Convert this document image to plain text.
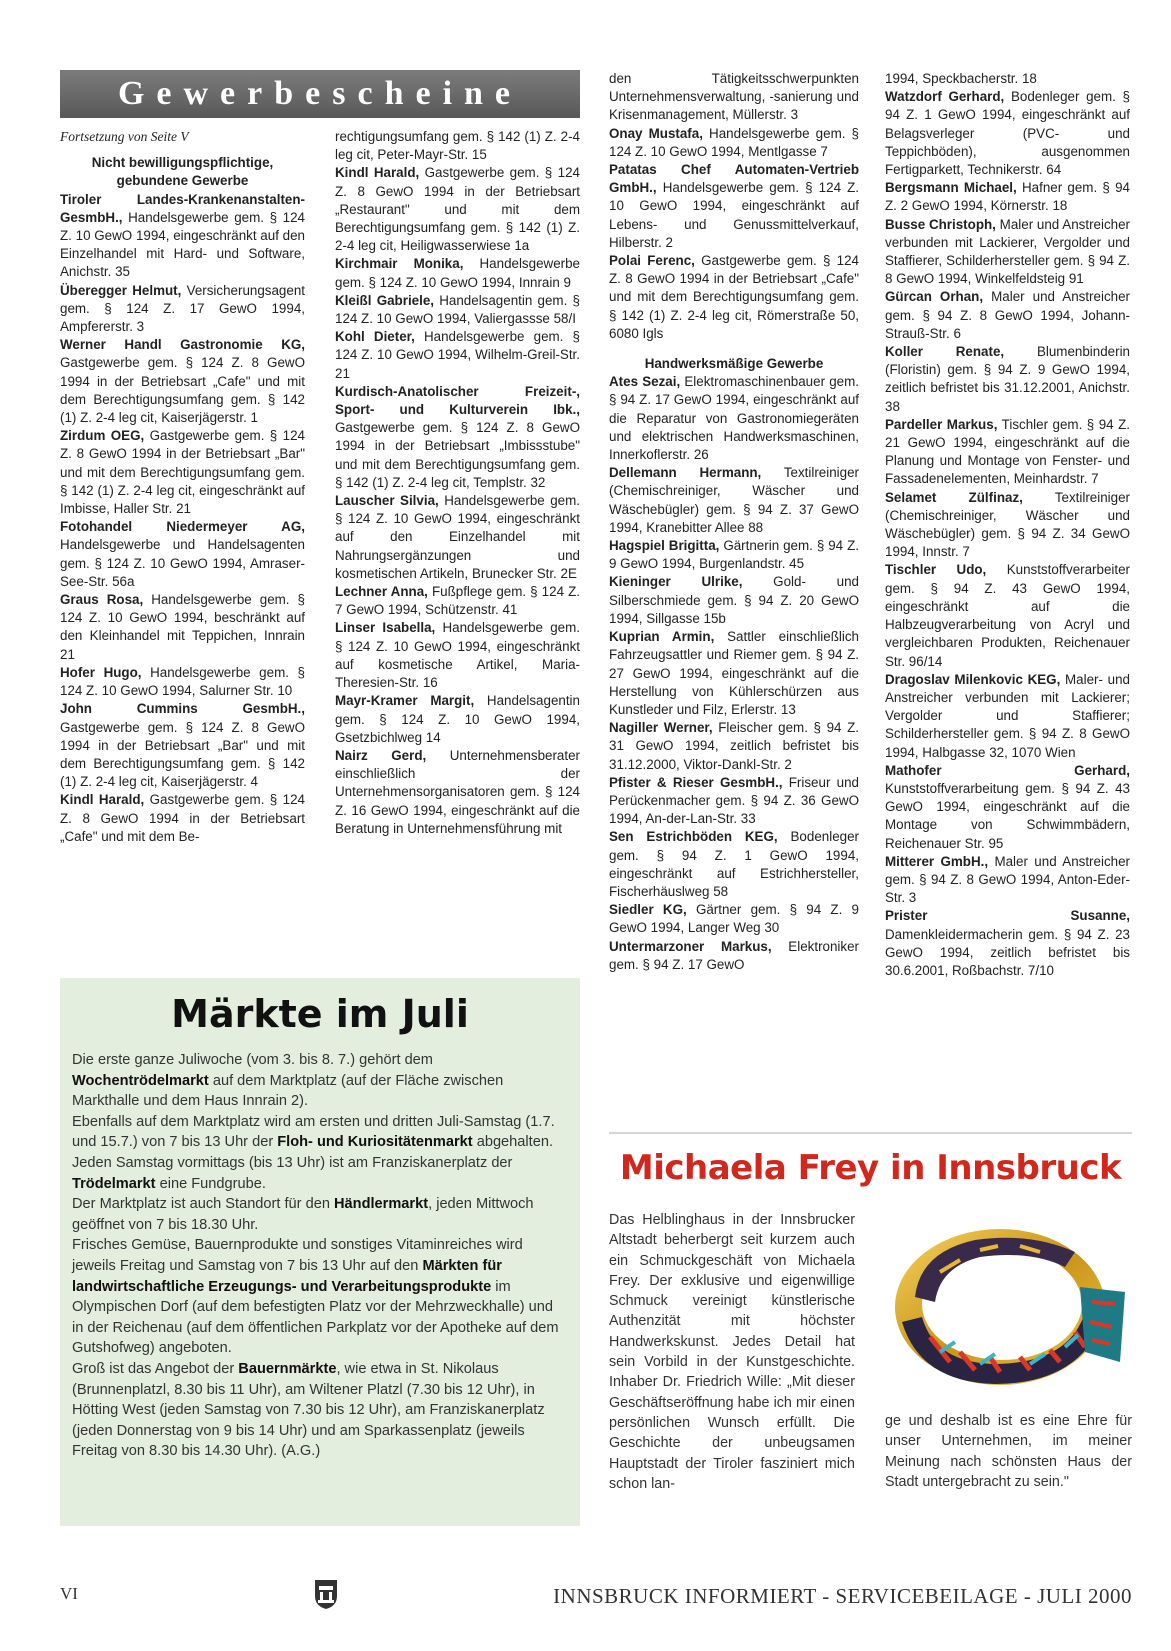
Gewerbescheine

Fortsetzung von Seite V

Nicht bewilligungspflichtige, gebundene Gewerbe

Tiroler Landes-Krankenanstalten-GesmbH., Handelsgewerbe gem. § 124 Z. 10 GewO 1994, eingeschränkt auf den Einzelhandel mit Hard- und Software, Anichstr. 35

Überegger Helmut, Versicherungsagent gem. § 124 Z. 17 GewO 1994, Ampfererstr. 3

Werner Handl Gastronomie KG, Gastgewerbe gem. § 124 Z. 8 GewO 1994 in der Betriebsart „Cafe" und mit dem Berechtigungsumfang gem. § 142 (1) Z. 2-4 leg cit, Kaiserjägerstr. 1

Zirdum OEG, Gastgewerbe gem. § 124 Z. 8 GewO 1994 in der Betriebsart „Bar" und mit dem Berechtigungsumfang gem. § 142 (1) Z. 2-4 leg cit, eingeschränkt auf Imbisse, Haller Str. 21

Fotohandel Niedermeyer AG, Handelsgewerbe und Handelsagenten gem. § 124 Z. 10 GewO 1994, Amraser-See-Str. 56a

Graus Rosa, Handelsgewerbe gem. § 124 Z. 10 GewO 1994, beschränkt auf den Kleinhandel mit Teppichen, Innrain 21

Hofer Hugo, Handelsgewerbe gem. § 124 Z. 10 GewO 1994, Salurner Str. 10

John Cummins GesmbH., Gastgewerbe gem. § 124 Z. 8 GewO 1994 in der Betriebsart „Bar" und mit dem Berechtigungsumfang gem. § 142 (1) Z. 2-4 leg cit, Kaiserjägerstr. 4

Kindl Harald, Gastgewerbe gem. § 124 Z. 8 GewO 1994 in der Betriebsart „Cafe" und mit dem Be-

rechtigungsumfang gem. § 142 (1) Z. 2-4 leg cit, Peter-Mayr-Str. 15

Kindl Harald, Gastgewerbe gem. § 124 Z. 8 GewO 1994 in der Betriebsart „Restaurant" und mit dem Berechtigungsumfang gem. § 142 (1) Z. 2-4 leg cit, Heiligwasserwiese 1a

Kirchmair Monika, Handelsgewerbe gem. § 124 Z. 10 GewO 1994, Innrain 9

Kleißl Gabriele, Handelsagentin gem. § 124 Z. 10 GewO 1994, Valiergassse 58/I

Kohl Dieter, Handelsgewerbe gem. § 124 Z. 10 GewO 1994, Wilhelm-Greil-Str. 21

Kurdisch-Anatolischer Freizeit-, Sport- und Kulturverein Ibk., Gastgewerbe gem. § 124 Z. 8 GewO 1994 in der Betriebsart „Imbissstube" und mit dem Berechtigungsumfang gem. § 142 (1) Z. 2-4 leg cit, Templstr. 32

Lauscher Silvia, Handelsgewerbe gem. § 124 Z. 10 GewO 1994, eingeschränkt auf den Einzelhandel mit Nahrungsergänzungen und kosmetischen Artikeln, Brunecker Str. 2E

Lechner Anna, Fußpflege gem. § 124 Z. 7 GewO 1994, Schützenstr. 41

Linser Isabella, Handelsgewerbe gem. § 124 Z. 10 GewO 1994, eingeschränkt auf kosmetische Artikel, Maria-Theresien-Str. 16

Mayr-Kramer Margit, Handelsagentin gem. § 124 Z. 10 GewO 1994, Gsetzbichlweg 14

Nairz Gerd, Unternehmensberater einschließlich der Unternehmensorganisatoren gem. § 124 Z. 16 GewO 1994, eingeschränkt auf die Beratung in Unternehmensführung mit

den Tätigkeitsschwerpunkten Unternehmensverwaltung, -sanierung und Krisenmanagement, Müllerstr. 3

Onay Mustafa, Handelsgewerbe gem. § 124 Z. 10 GewO 1994, Mentlgasse 7

Patatas Chef Automaten-Vertrieb GmbH., Handelsgewerbe gem. § 124 Z. 10 GewO 1994, eingeschränkt auf Lebens- und Genussmittelverkauf, Hilberstr. 2

Polai Ferenc, Gastgewerbe gem. § 124 Z. 8 GewO 1994 in der Betriebsart „Cafe" und mit dem Berechtigungsumfang gem. § 142 (1) Z. 2-4 leg cit, Römerstraße 50, 6080 Igls

Handwerksmäßige Gewerbe

Ates Sezai, Elektromaschinenbauer gem. § 94 Z. 17 GewO 1994, eingeschränkt auf die Reparatur von Gastronomiegeräten und elektrischen Handwerksmaschinen, Innerkoflerstr. 26

Dellemann Hermann, Textilreiniger (Chemischreiniger, Wäscher und Wäschebügler) gem. § 94 Z. 37 GewO 1994, Kranebitter Allee 88

Hagspiel Brigitta, Gärtnerin gem. § 94 Z. 9 GewO 1994, Burgenlandstr. 45

Kieninger Ulrike, Gold- und Silberschmiede gem. § 94 Z. 20 GewO 1994, Sillgasse 15b

Kuprian Armin, Sattler einschließlich Fahrzeugsattler und Riemer gem. § 94 Z. 27 GewO 1994, eingeschränkt auf die Herstellung von Kühlerschürzen aus Kunstleder und Filz, Erlerstr. 13

Nagiller Werner, Fleischer gem. § 94 Z. 31 GewO 1994, zeitlich befristet bis 31.12.2000, Viktor-Dankl-Str. 2

Pfister & Rieser GesmbH., Friseur und Perückenmacher gem. § 94 Z. 36 GewO 1994, An-der-Lan-Str. 33

Sen Estrichböden KEG, Bodenleger gem. § 94 Z. 1 GewO 1994, eingeschränkt auf Estrichhersteller, Fischerhäuslweg 58

Siedler KG, Gärtner gem. § 94 Z. 9 GewO 1994, Langer Weg 30

Untermarzoner Markus, Elektroniker gem. § 94 Z. 17 GewO

1994, Speckbacherstr. 18

Watzdorf Gerhard, Bodenleger gem. § 94 Z. 1 GewO 1994, eingeschränkt auf Belagsverleger (PVC- und Teppichböden), ausgenommen Fertigparkett, Technikerstr. 64

Bergsmann Michael, Hafner gem. § 94 Z. 2 GewO 1994, Körnerstr. 18

Busse Christoph, Maler und Anstreicher verbunden mit Lackierer, Vergolder und Staffierer, Schilderhersteller gem. § 94 Z. 8 GewO 1994, Winkelfeldsteig 91

Gürcan Orhan, Maler und Anstreicher gem. § 94 Z. 8 GewO 1994, Johann-Strauß-Str. 6

Koller Renate, Blumenbinderin (Floristin) gem. § 94 Z. 9 GewO 1994, zeitlich befristet bis 31.12.2001, Anichstr. 38

Pardeller Markus, Tischler gem. § 94 Z. 21 GewO 1994, eingeschränkt auf die Planung und Montage von Fenster- und Fassadenelementen, Meinhardstr. 7

Selamet Zülfinaz, Textilreiniger (Chemischreiniger, Wäscher und Wäschebügler) gem. § 94 Z. 34 GewO 1994, Innstr. 7

Tischler Udo, Kunststoffverarbeiter gem. § 94 Z. 43 GewO 1994, eingeschränkt auf die Halbzeugverarbeitung von Acryl und vergleichbaren Produkten, Reichenauer Str. 96/14

Dragoslav Milenkovic KEG, Maler- und Anstreicher verbunden mit Lackierer; Vergolder und Staffierer; Schilderhersteller gem. § 94 Z. 8 GewO 1994, Halbgasse 32, 1070 Wien

Mathofer Gerhard, Kunststoffverarbeitung gem. § 94 Z. 43 GewO 1994, eingeschränkt auf die Montage von Schwimmbädern, Reichenauer Str. 95

Mitterer GmbH., Maler und Anstreicher gem. § 94 Z. 8 GewO 1994, Anton-Eder-Str. 3

Prister Susanne, Damenkleidermacherin gem. § 94 Z. 23 GewO 1994, zeitlich befristet bis 30.6.2001, Roßbachstr. 7/10

Märkte im Juli

Die erste ganze Juliwoche (vom 3. bis 8. 7.) gehört dem Wochentrödelmarkt auf dem Marktplatz (auf der Fläche zwischen Markthalle und dem Haus Innrain 2).

Ebenfalls auf dem Marktplatz wird am ersten und dritten Juli-Samstag (1.7. und 15.7.) von 7 bis 13 Uhr der Floh- und Kuriositätenmarkt abgehalten.

Jeden Samstag vormittags (bis 13 Uhr) ist am Franziskanerplatz der Trödelmarkt eine Fundgrube.

Der Marktplatz ist auch Standort für den Händlermarkt, jeden Mittwoch geöffnet von 7 bis 18.30 Uhr.

Frisches Gemüse, Bauernprodukte und sonstiges Vitaminreiches wird jeweils Freitag und Samstag von 7 bis 13 Uhr auf den Märkten für landwirtschaftliche Erzeugungs- und Verarbeitungsprodukte im Olympischen Dorf (auf dem befestigten Platz vor der Mehrzweckhalle) und in der Reichenau (auf dem öffentlichen Parkplatz vor der Apotheke auf dem Gutshofweg) angeboten.

Groß ist das Angebot der Bauernmärkte, wie etwa in St. Nikolaus (Brunnenplatzl, 8.30 bis 11 Uhr), am Wiltener Platzl (7.30 bis 12 Uhr), in Hötting West (jeden Samstag von 7.30 bis 12 Uhr), am Franziskanerplatz (jeden Donnerstag von 9 bis 14 Uhr) und am Sparkassenplatz (jeweils Freitag von 8.30 bis 14.30 Uhr). (A.G.)

Michaela Frey in Innsbruck
Das Helblinghaus in der Innsbrucker Altstadt beherbergt seit kurzem auch ein Schmuckgeschäft von Michaela Frey. Der exklusive und eigenwillige Schmuck vereinigt künstlerische Authenzität mit höchster Handwerkskunst. Jedes Detail hat sein Vorbild in der Kunstgeschichte. Inhaber Dr. Friedrich Wille: „Mit dieser Geschäftseröffnung habe ich mir einen persönlichen Wunsch erfüllt. Die Geschichte der unbeugsamen Hauptstadt der Tiroler fasziniert mich schon lan-
ge und deshalb ist es eine Ehre für unser Unternehmen, im meiner Meinung nach schönsten Haus der Stadt untergebracht zu sein."
VI	INNSBRUCK INFORMIERT - SERVICEBEILAGE - JULI 2000
